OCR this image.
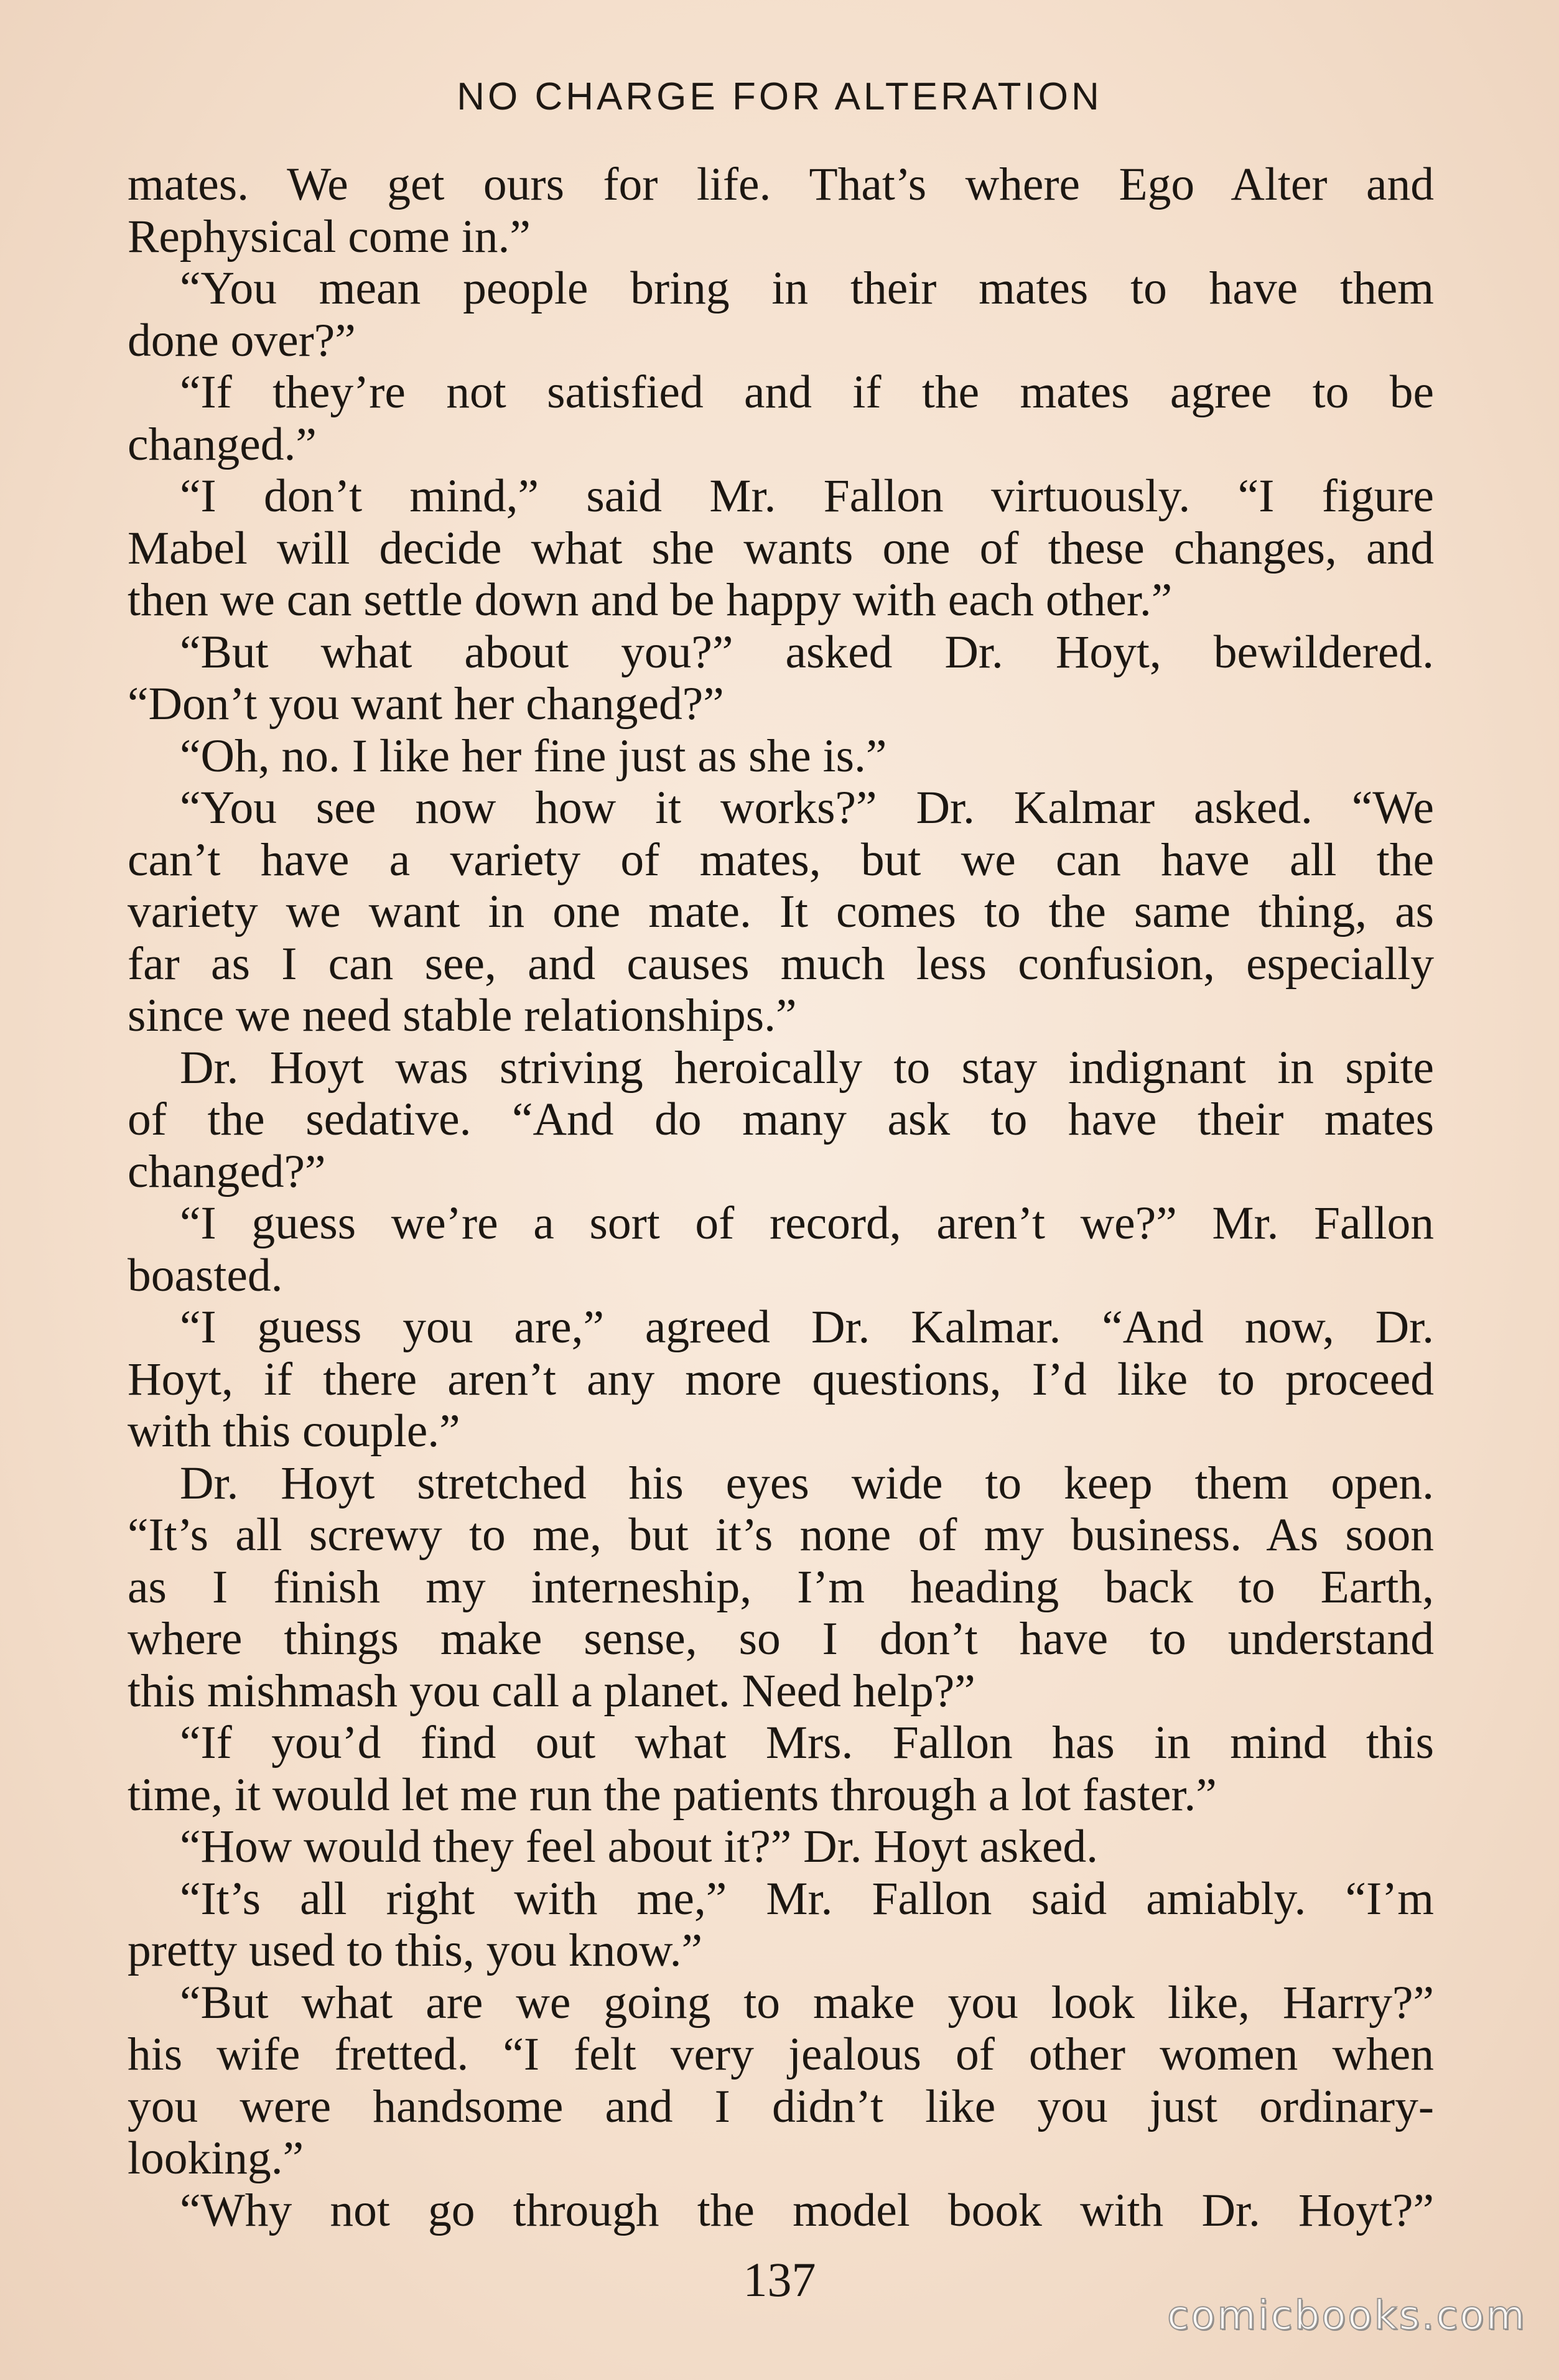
NO CHARGE FOR ALTERATION
mates. We get ours for life. That’s where Ego Alter and
Rephysical come in.”
“You mean people bring in their mates to have them
done over?”
“If they’re not satisfied and if the mates agree to be
changed.”
“I don’t mind,” said Mr. Fallon virtuously. “I figure
Mabel will decide what she wants one of these changes, and
then we can settle down and be happy with each other.”
“But what about you?” asked Dr. Hoyt, bewildered.
“Don’t you want her changed?”
“Oh, no. I like her fine just as she is.”
“You see now how it works?” Dr. Kalmar asked. “We
can’t have a variety of mates, but we can have all the
variety we want in one mate. It comes to the same thing, as
far as I can see, and causes much less confusion, especially
since we need stable relationships.”
Dr. Hoyt was striving heroically to stay indignant in spite
of the sedative. “And do many ask to have their mates
changed?”
“I guess we’re a sort of record, aren’t we?” Mr. Fallon
boasted.
“I guess you are,” agreed Dr. Kalmar. “And now, Dr.
Hoyt, if there aren’t any more questions, I’d like to proceed
with this couple.”
Dr. Hoyt stretched his eyes wide to keep them open.
“It’s all screwy to me, but it’s none of my business. As soon
as I finish my interneship, I’m heading back to Earth,
where things make sense, so I don’t have to understand
this mishmash you call a planet. Need help?”
“If you’d find out what Mrs. Fallon has in mind this
time, it would let me run the patients through a lot faster.”
“How would they feel about it?” Dr. Hoyt asked.
“It’s all right with me,” Mr. Fallon said amiably. “I’m
pretty used to this, you know.”
“But what are we going to make you look like, Harry?”
his wife fretted. “I felt very jealous of other women when
you were handsome and I didn’t like you just ordinary-
looking.”
“Why not go through the model book with Dr. Hoyt?”
137
comicbooks.com
